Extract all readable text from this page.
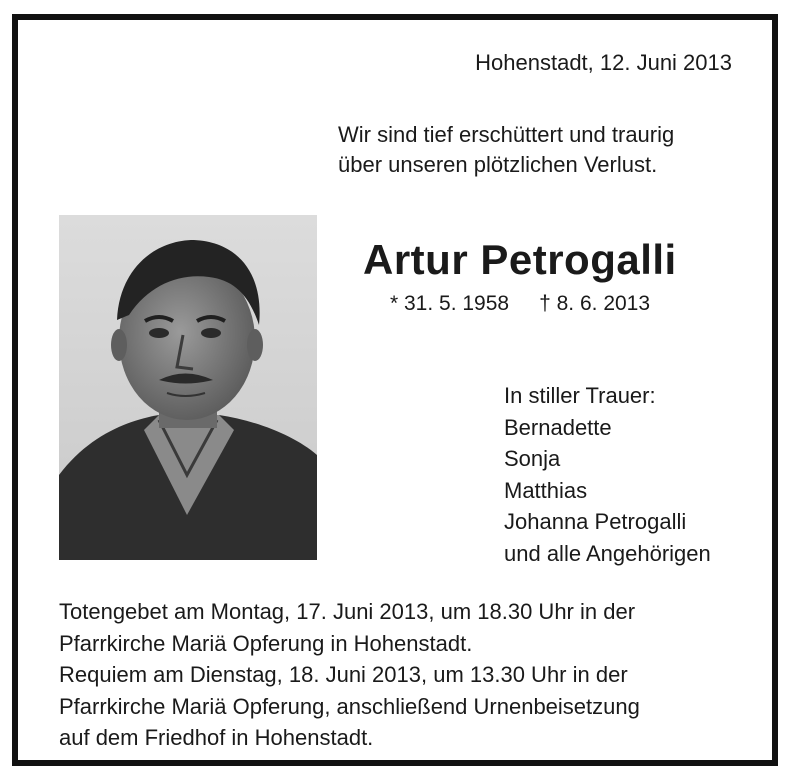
Hohenstadt, 12. Juni 2013
Wir sind tief erschüttert und traurig
über unseren plötzlichen Verlust.
Artur Petrogalli
* 31. 5. 1958 † 8. 6. 2013
In stiller Trauer:
Bernadette
Sonja
Matthias
Johanna Petrogalli
und alle Angehörigen
Totengebet am Montag, 17. Juni 2013, um 18.30 Uhr in der
Pfarrkirche Mariä Opferung in Hohenstadt.
Requiem am Dienstag, 18. Juni 2013, um 13.30 Uhr in der
Pfarrkirche Mariä Opferung, anschließend Urnenbeisetzung
auf dem Friedhof in Hohenstadt.
